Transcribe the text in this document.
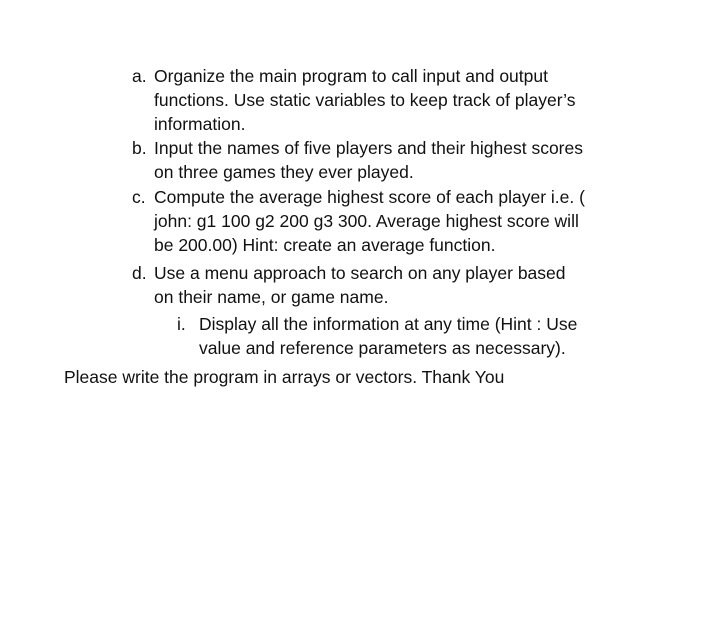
a. Organize the main program to call input and output
functions. Use static variables to keep track of player’s
information.
b. Input the names of five players and their highest scores
on three games they ever played.
c. Compute the average highest score of each player i.e. (
john: g1 100 g2 200 g3 300. Average highest score will
be 200.00) Hint: create an average function.
d. Use a menu approach to search on any player based
on their name, or game name.
i. Display all the information at any time (Hint : Use
value and reference parameters as necessary).
Please write the program in arrays or vectors. Thank You
